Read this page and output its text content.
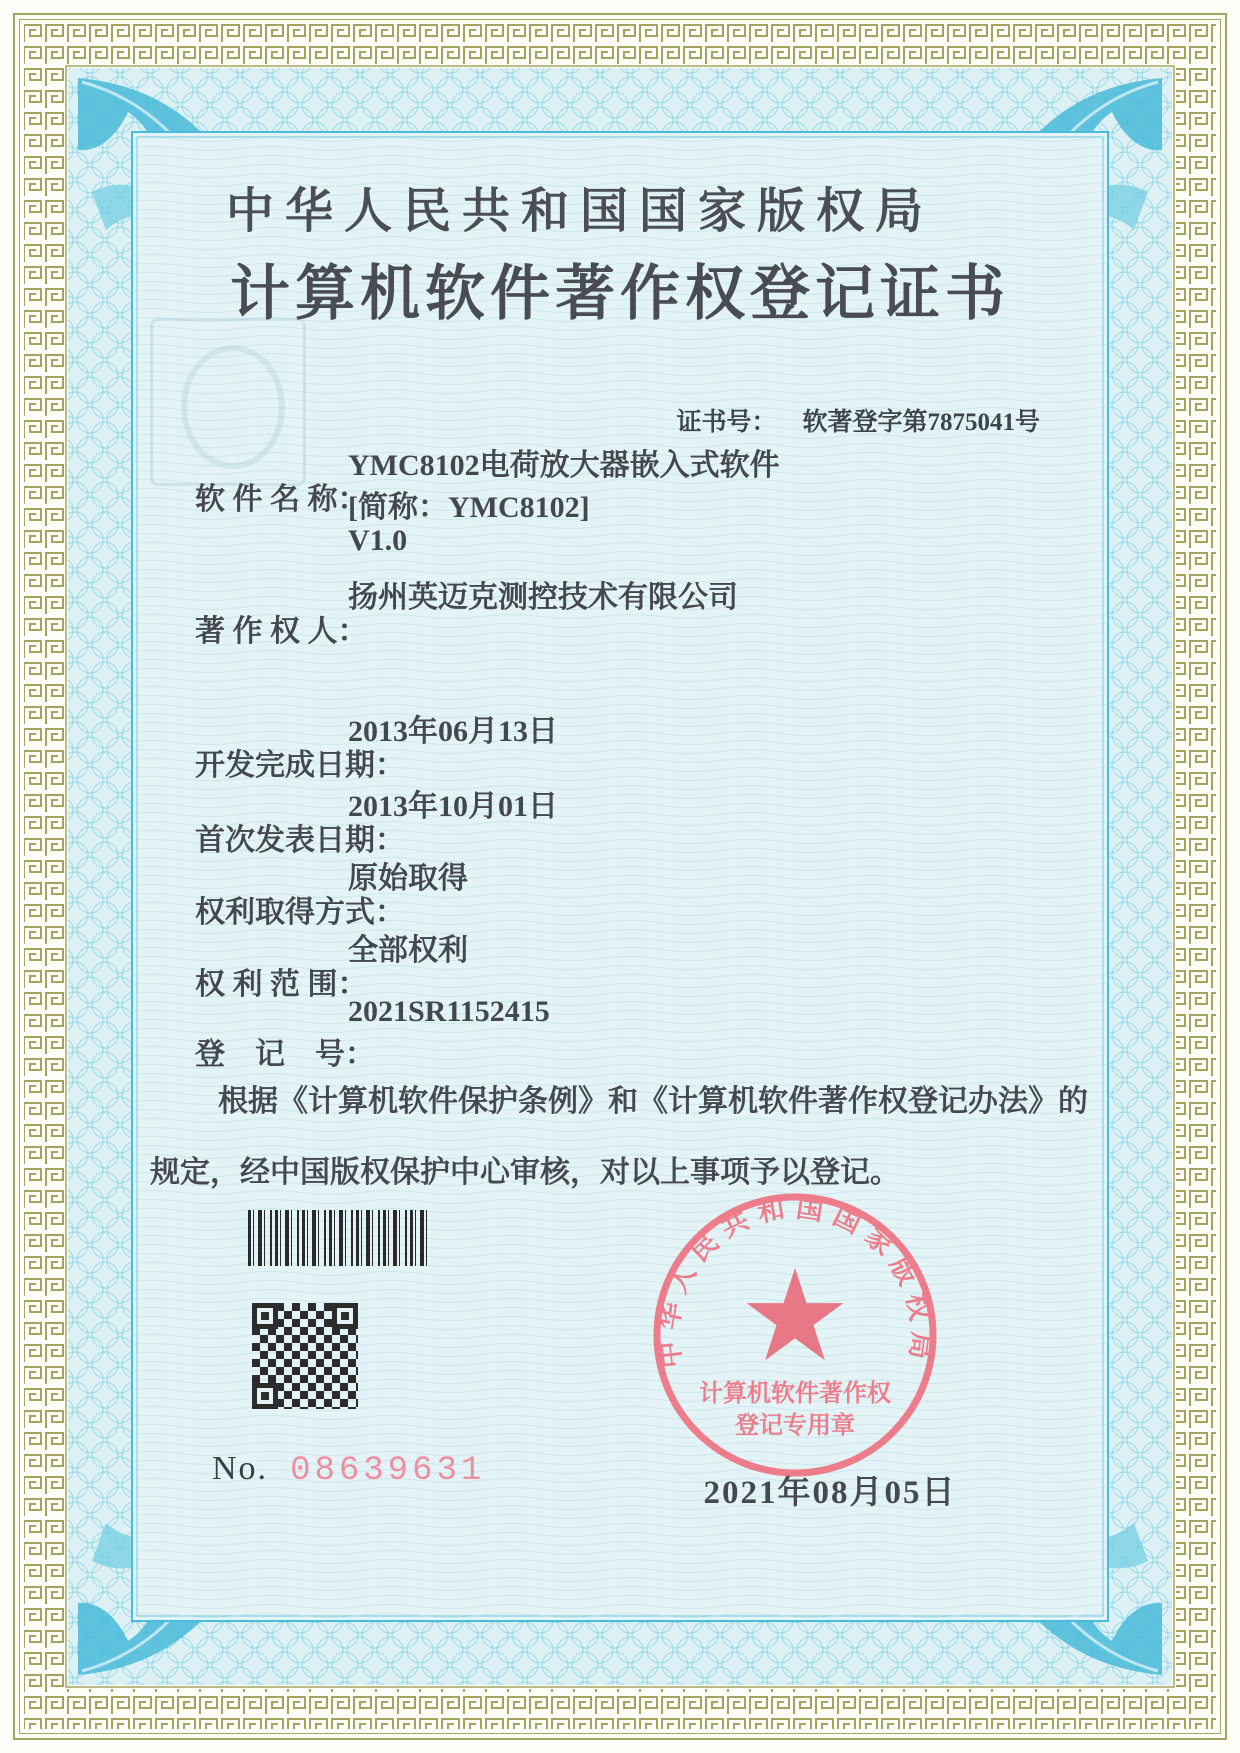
中华人民共和国国家版权局
计算机软件著作权登记证书

证书号： 软著登字第7875041号

软 件 名 称：

YMC8102电荷放大器嵌入式软件
[简称：YMC8102]
V1.0

著 作 权 人：

扬州英迈克测控技术有限公司

开发完成日期：

2013年06月13日

首次发表日期：

2013年10月01日

权利取得方式：

原始取得

权 利 范 围：

全部权利

登　记　号：

2021SR1152415
根据《计算机软件保护条例》和《计算机软件著作权登记办法》的
规定，经中国版权保护中心审核，对以上事项予以登记。
No. 08639631
2021年08月05日
中华人民共和国国家版权局
计算机软件著作权
登记专用章
